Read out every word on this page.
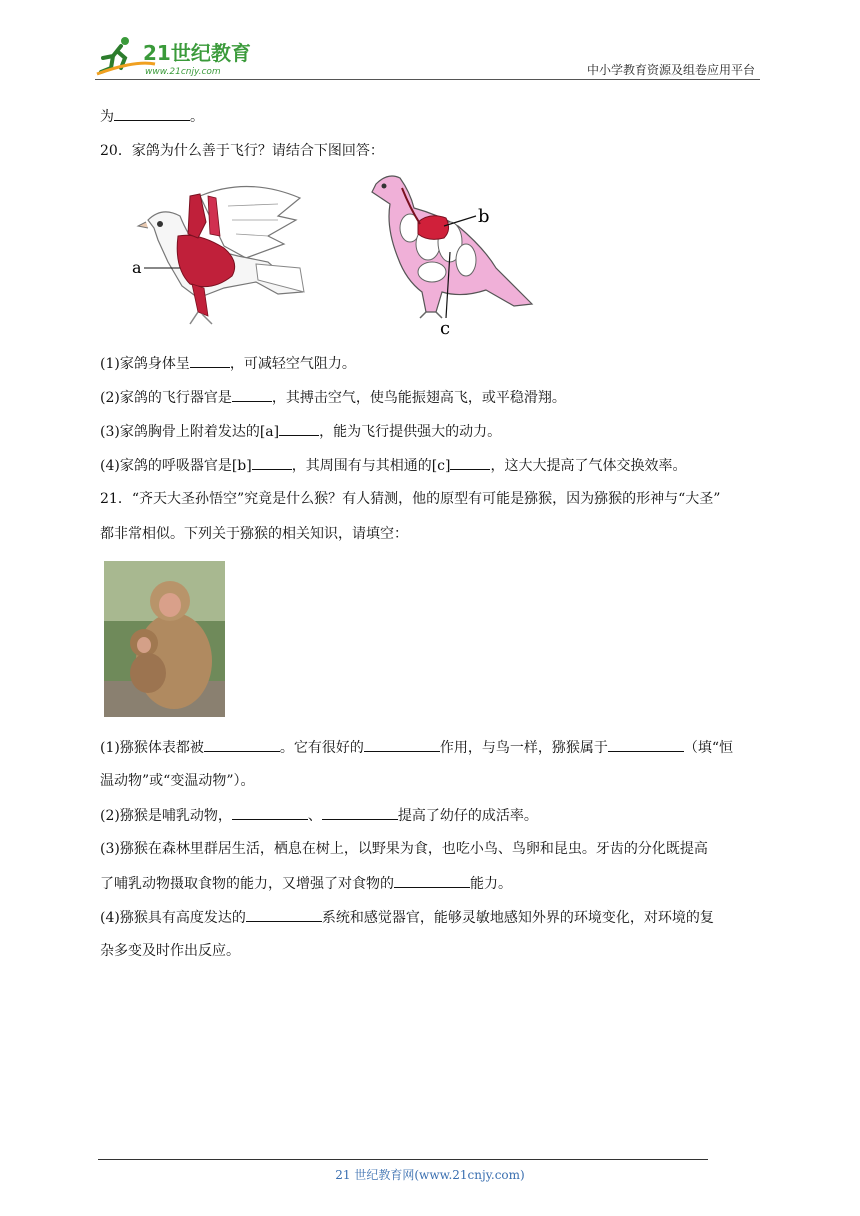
21世纪教育
www.21cnjy.com	中小学教育资源及组卷应用平台
为	。
20．家鸽为什么善于飞行？请结合下图回答：
a
b
c
(1)家鸽身体呈	，可减轻空气阻力。
(2)家鸽的飞行器官是	，其搏击空气，使鸟能振翅高飞，或平稳滑翔。
(3)家鸽胸骨上附着发达的[a]	，能为飞行提供强大的动力。
(4)家鸽的呼吸器官是[b]	，其周围有与其相通的[c]	，这大大提高了气体交换效率。
21．“齐天大圣孙悟空”究竟是什么猴？有人猜测，他的原型有可能是猕猴，因为猕猴的形神与“大圣”
都非常相似。下列关于猕猴的相关知识，请填空：
(1)猕猴体表都被	。它有很好的	作用，与鸟一样，猕猴属于	（填“恒
温动物”或“变温动物”）。
(2)猕猴是哺乳动物，	、	提高了幼仔的成活率。
(3)猕猴在森林里群居生活，栖息在树上，以野果为食，也吃小鸟、鸟卵和昆虫。牙齿的分化既提高
了哺乳动物摄取食物的能力，又增强了对食物的	能力。
(4)猕猴具有高度发达的	系统和感觉器官，能够灵敏地感知外界的环境变化，对环境的复
杂多变及时作出反应。
21 世纪教育网(www.21cnjy.com)
